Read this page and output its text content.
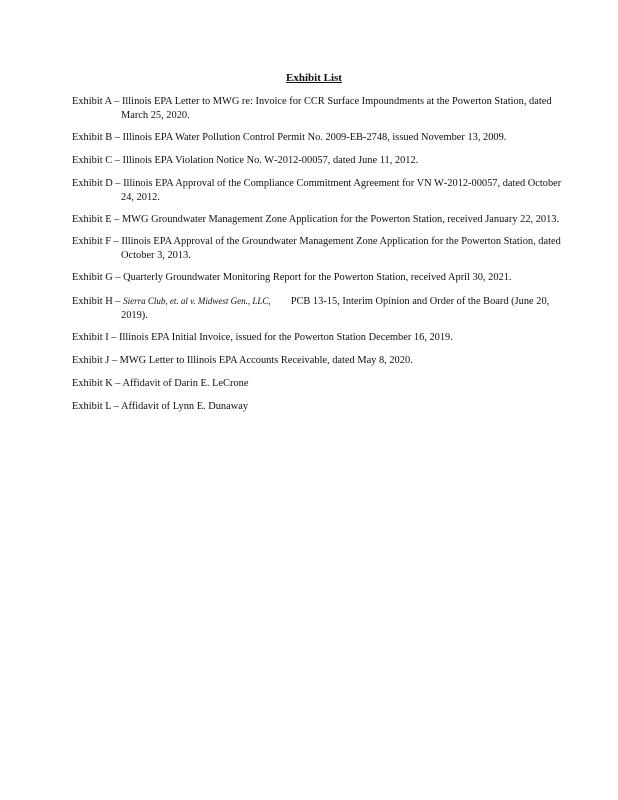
Exhibit List

Exhibit A – Illinois EPA Letter to MWG re: Invoice for CCR Surface Impoundments at the Powerton Station, dated March 25, 2020.

Exhibit B – Illinois EPA Water Pollution Control Permit No. 2009‑EB‑2748, issued November 13, 2009.

Exhibit C – Illinois EPA Violation Notice No. W‑2012‑00057, dated June 11, 2012.

Exhibit D – Illinois EPA Approval of the Compliance Commitment Agreement for VN W‑2012‑00057, dated October 24, 2012.

Exhibit E – MWG Groundwater Management Zone Application for the Powerton Station, received January 22, 2013.

Exhibit F – Illinois EPA Approval of the Groundwater Management Zone Application for the Powerton Station, dated October 3, 2013.

Exhibit G – Quarterly Groundwater Monitoring Report for the Powerton Station, received April 30, 2021.

Exhibit H – Sierra Club, et. al v. Midwest Gen., LLC, PCB 13‑15, Interim Opinion and Order of the Board (June 20, 2019).

Exhibit I – Illinois EPA Initial Invoice, issued for the Powerton Station December 16, 2019.

Exhibit J – MWG Letter to Illinois EPA Accounts Receivable, dated May 8, 2020.

Exhibit K – Affidavit of Darin E. LeCrone

Exhibit L – Affidavit of Lynn E. Dunaway
